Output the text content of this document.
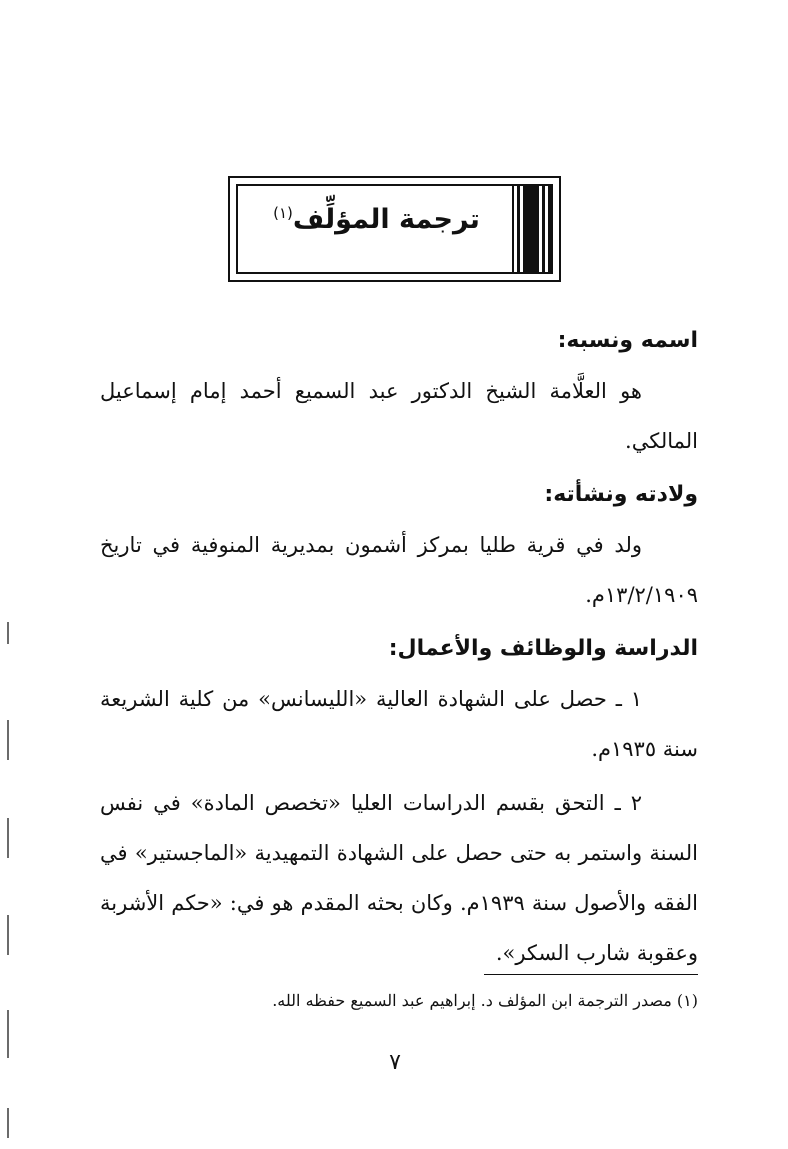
ترجمة المؤلِّف$^{(١)}$

اسمه ونسبه:

هو العلَّامة الشيخ الدكتور عبد السميع أحمد إمام إسماعيل المالكي.

ولادته ونشأته:

ولد في قرية طليا بمركز أشمون بمديرية المنوفية في تاريخ ١٣/٢/١٩٠٩م.

الدراسة والوظائف والأعمال:

١ ـ حصل على الشهادة العالية «الليسانس» من كلية الشريعة سنة ١٩٣٥م.

٢ ـ التحق بقسم الدراسات العليا «تخصص المادة» في نفس السنة واستمر به حتى حصل على الشهادة التمهيدية «الماجستير» في الفقه والأصول سنة ١٩٣٩م. وكان بحثه المقدم هو في: «حكم الأشربة وعقوبة شارب السكر».

(١) مصدر الترجمة ابن المؤلف د. إبراهيم عبد السميع حفظه الله.
٧
